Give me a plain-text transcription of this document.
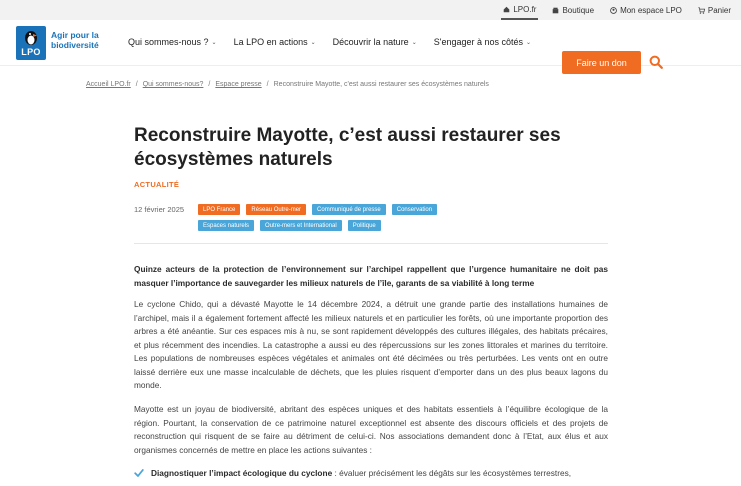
LPO.fr	Boutique	Mon espace LPO	Panier
LPO
Agir pour la biodiversité	Qui sommes-nous ? ⌄ La LPO en actions ⌄ Découvrir la nature ⌄ S'engager à nos côtés ⌄
Faire un don
Accueil LPO.fr / Qui sommes-nous? / Espace presse / Reconstruire Mayotte, c'est aussi restaurer ses écosystèmes naturels
Reconstruire Mayotte, c’est aussi restaurer ses écosystèmes naturels
ACTUALITÉ
12 février 2025	LPO France	Réseau Outre-mer	Communiqué de presse	Conservation
Espaces naturels	Outre-mers et International	Politique

Quinze acteurs de la protection de l’environnement sur l’archipel rappellent que l’urgence humanitaire ne doit pas masquer l’importance de sauvegarder les milieux naturels de l’île, garants de sa viabilité à long terme

Le cyclone Chido, qui a dévasté Mayotte le 14 décembre 2024, a détruit une grande partie des installations humaines de l’archipel, mais il a également fortement affecté les milieux naturels et en particulier les forêts, où une importante proportion des arbres a été anéantie. Sur ces espaces mis à nu, se sont rapidement développés des cultures illégales, des habitats précaires, et plus récemment des incendies. La catastrophe a aussi eu des répercussions sur les zones littorales et marines du territoire. Les populations de nombreuses espèces végétales et animales ont été décimées ou très perturbées. Les vents ont en outre laissé derrière eux une masse incalculable de déchets, que les pluies risquent d’emporter dans un des plus beaux lagons du monde.

Mayotte est un joyau de biodiversité, abritant des espèces uniques et des habitats essentiels à l’équilibre écologique de la région. Pourtant, la conservation de ce patrimoine naturel exceptionnel est absente des discours officiels et des projets de reconstruction qui risquent de se faire au détriment de celui-ci. Nos associations demandent donc à l’Etat, aux élus et aux organismes concernés de mettre en place les actions suivantes :

Diagnostiquer l’impact écologique du cyclone : évaluer précisément les dégâts sur les écosystèmes terrestres,
